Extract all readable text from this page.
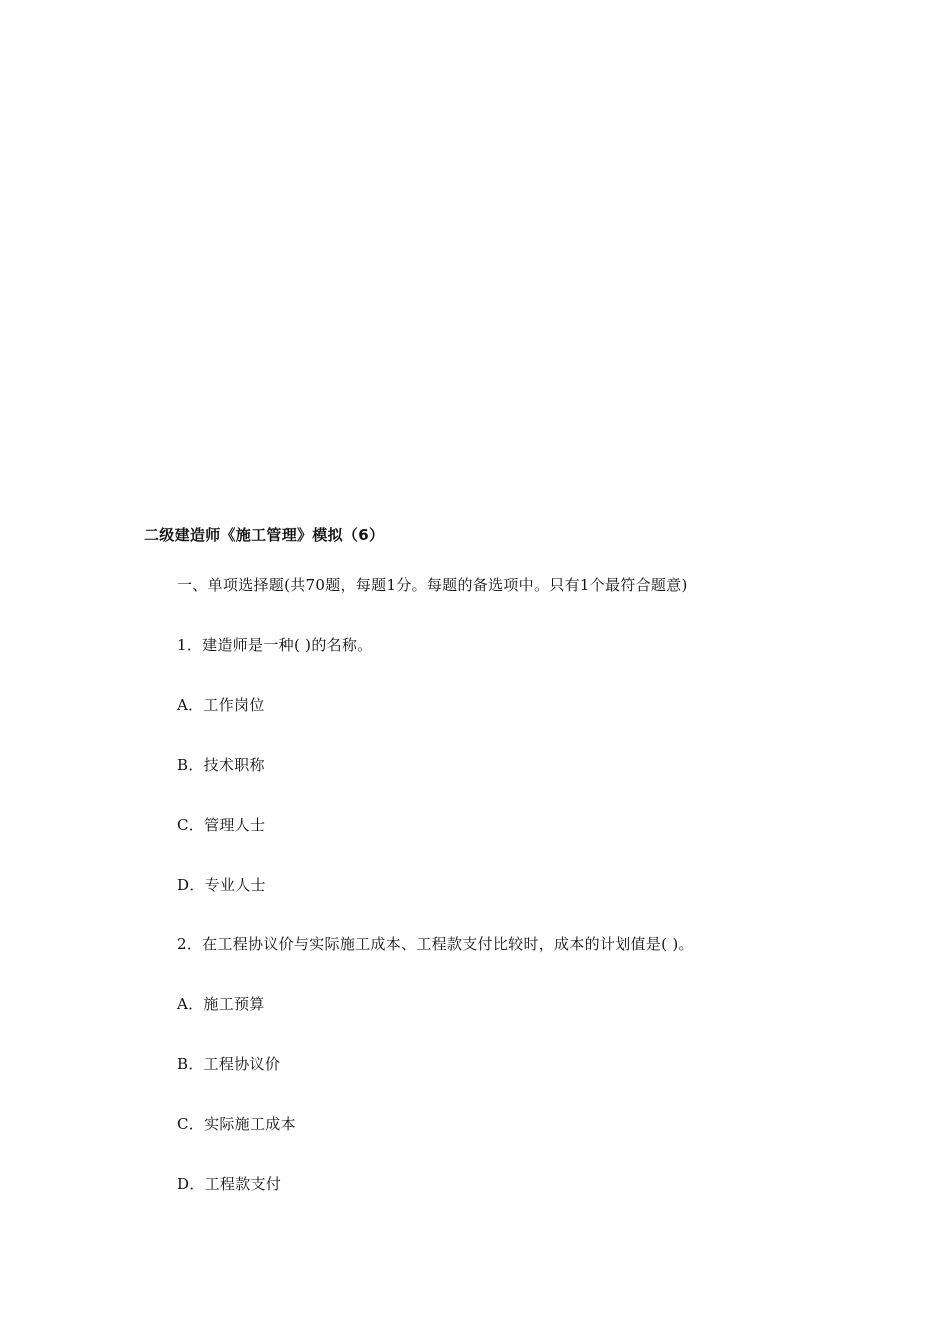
二级建造师《施工管理》模拟（6）
一、单项选择题(共70题，每题1分。每题的备选项中。只有1个最符合题意)
1．建造师是一种( )的名称。
A．工作岗位
B．技术职称
C．管理人士
D．专业人士
2．在工程协议价与实际施工成本、工程款支付比较时，成本的计划值是( )。
A．施工预算
B．工程协议价
C．实际施工成本
D．工程款支付
